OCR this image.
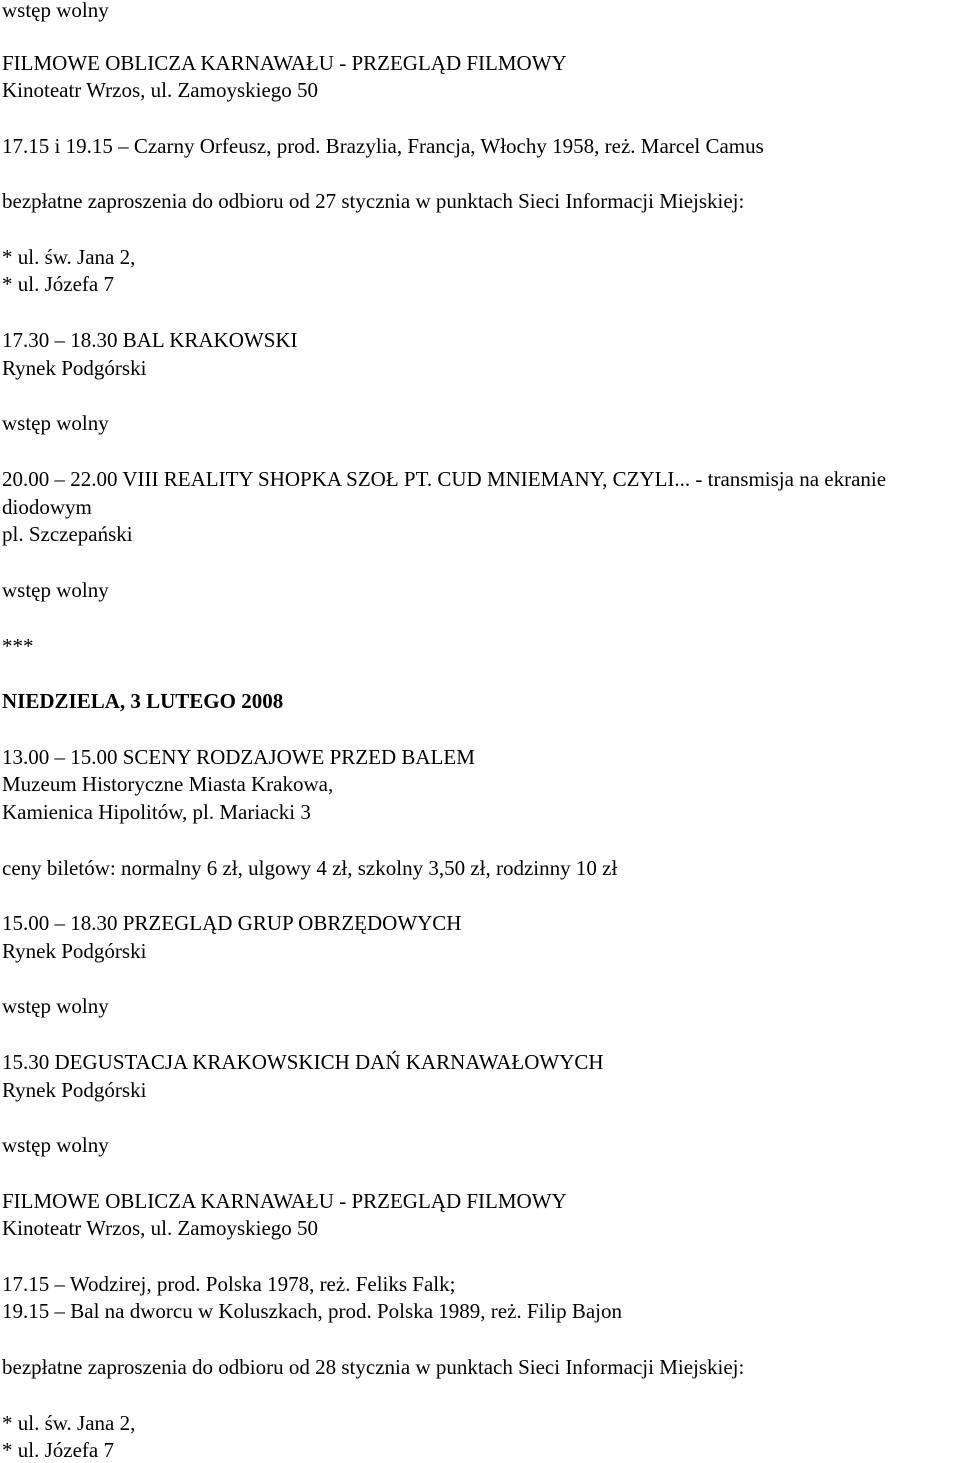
wstęp wolny
FILMOWE OBLICZA KARNAWAŁU - PRZEGLĄD FILMOWY
Kinoteatr Wrzos, ul. Zamoyskiego 50
17.15 i 19.15 – Czarny Orfeusz, prod. Brazylia, Francja, Włochy 1958, reż. Marcel Camus
bezpłatne zaproszenia do odbioru od 27 stycznia w punktach Sieci Informacji Miejskiej:
* ul. św. Jana 2,
* ul. Józefa 7
17.30 – 18.30 BAL KRAKOWSKI
Rynek Podgórski
wstęp wolny
20.00 – 22.00 VIII REALITY SHOPKA SZOŁ PT. CUD MNIEMANY, CZYLI... - transmisja na ekranie
diodowym
pl. Szczepański
wstęp wolny
***
NIEDZIELA, 3 LUTEGO 2008
13.00 – 15.00 SCENY RODZAJOWE PRZED BALEM
Muzeum Historyczne Miasta Krakowa,
Kamienica Hipolitów, pl. Mariacki 3
ceny biletów: normalny 6 zł, ulgowy 4 zł, szkolny 3,50 zł, rodzinny 10 zł
15.00 – 18.30 PRZEGLĄD GRUP OBRZĘDOWYCH
Rynek Podgórski
wstęp wolny
15.30 DEGUSTACJA KRAKOWSKICH DAŃ KARNAWAŁOWYCH
Rynek Podgórski
wstęp wolny
FILMOWE OBLICZA KARNAWAŁU - PRZEGLĄD FILMOWY
Kinoteatr Wrzos, ul. Zamoyskiego 50
17.15 – Wodzirej, prod. Polska 1978, reż. Feliks Falk;
19.15 – Bal na dworcu w Koluszkach, prod. Polska 1989, reż. Filip Bajon
bezpłatne zaproszenia do odbioru od 28 stycznia w punktach Sieci Informacji Miejskiej:
* ul. św. Jana 2,
* ul. Józefa 7
